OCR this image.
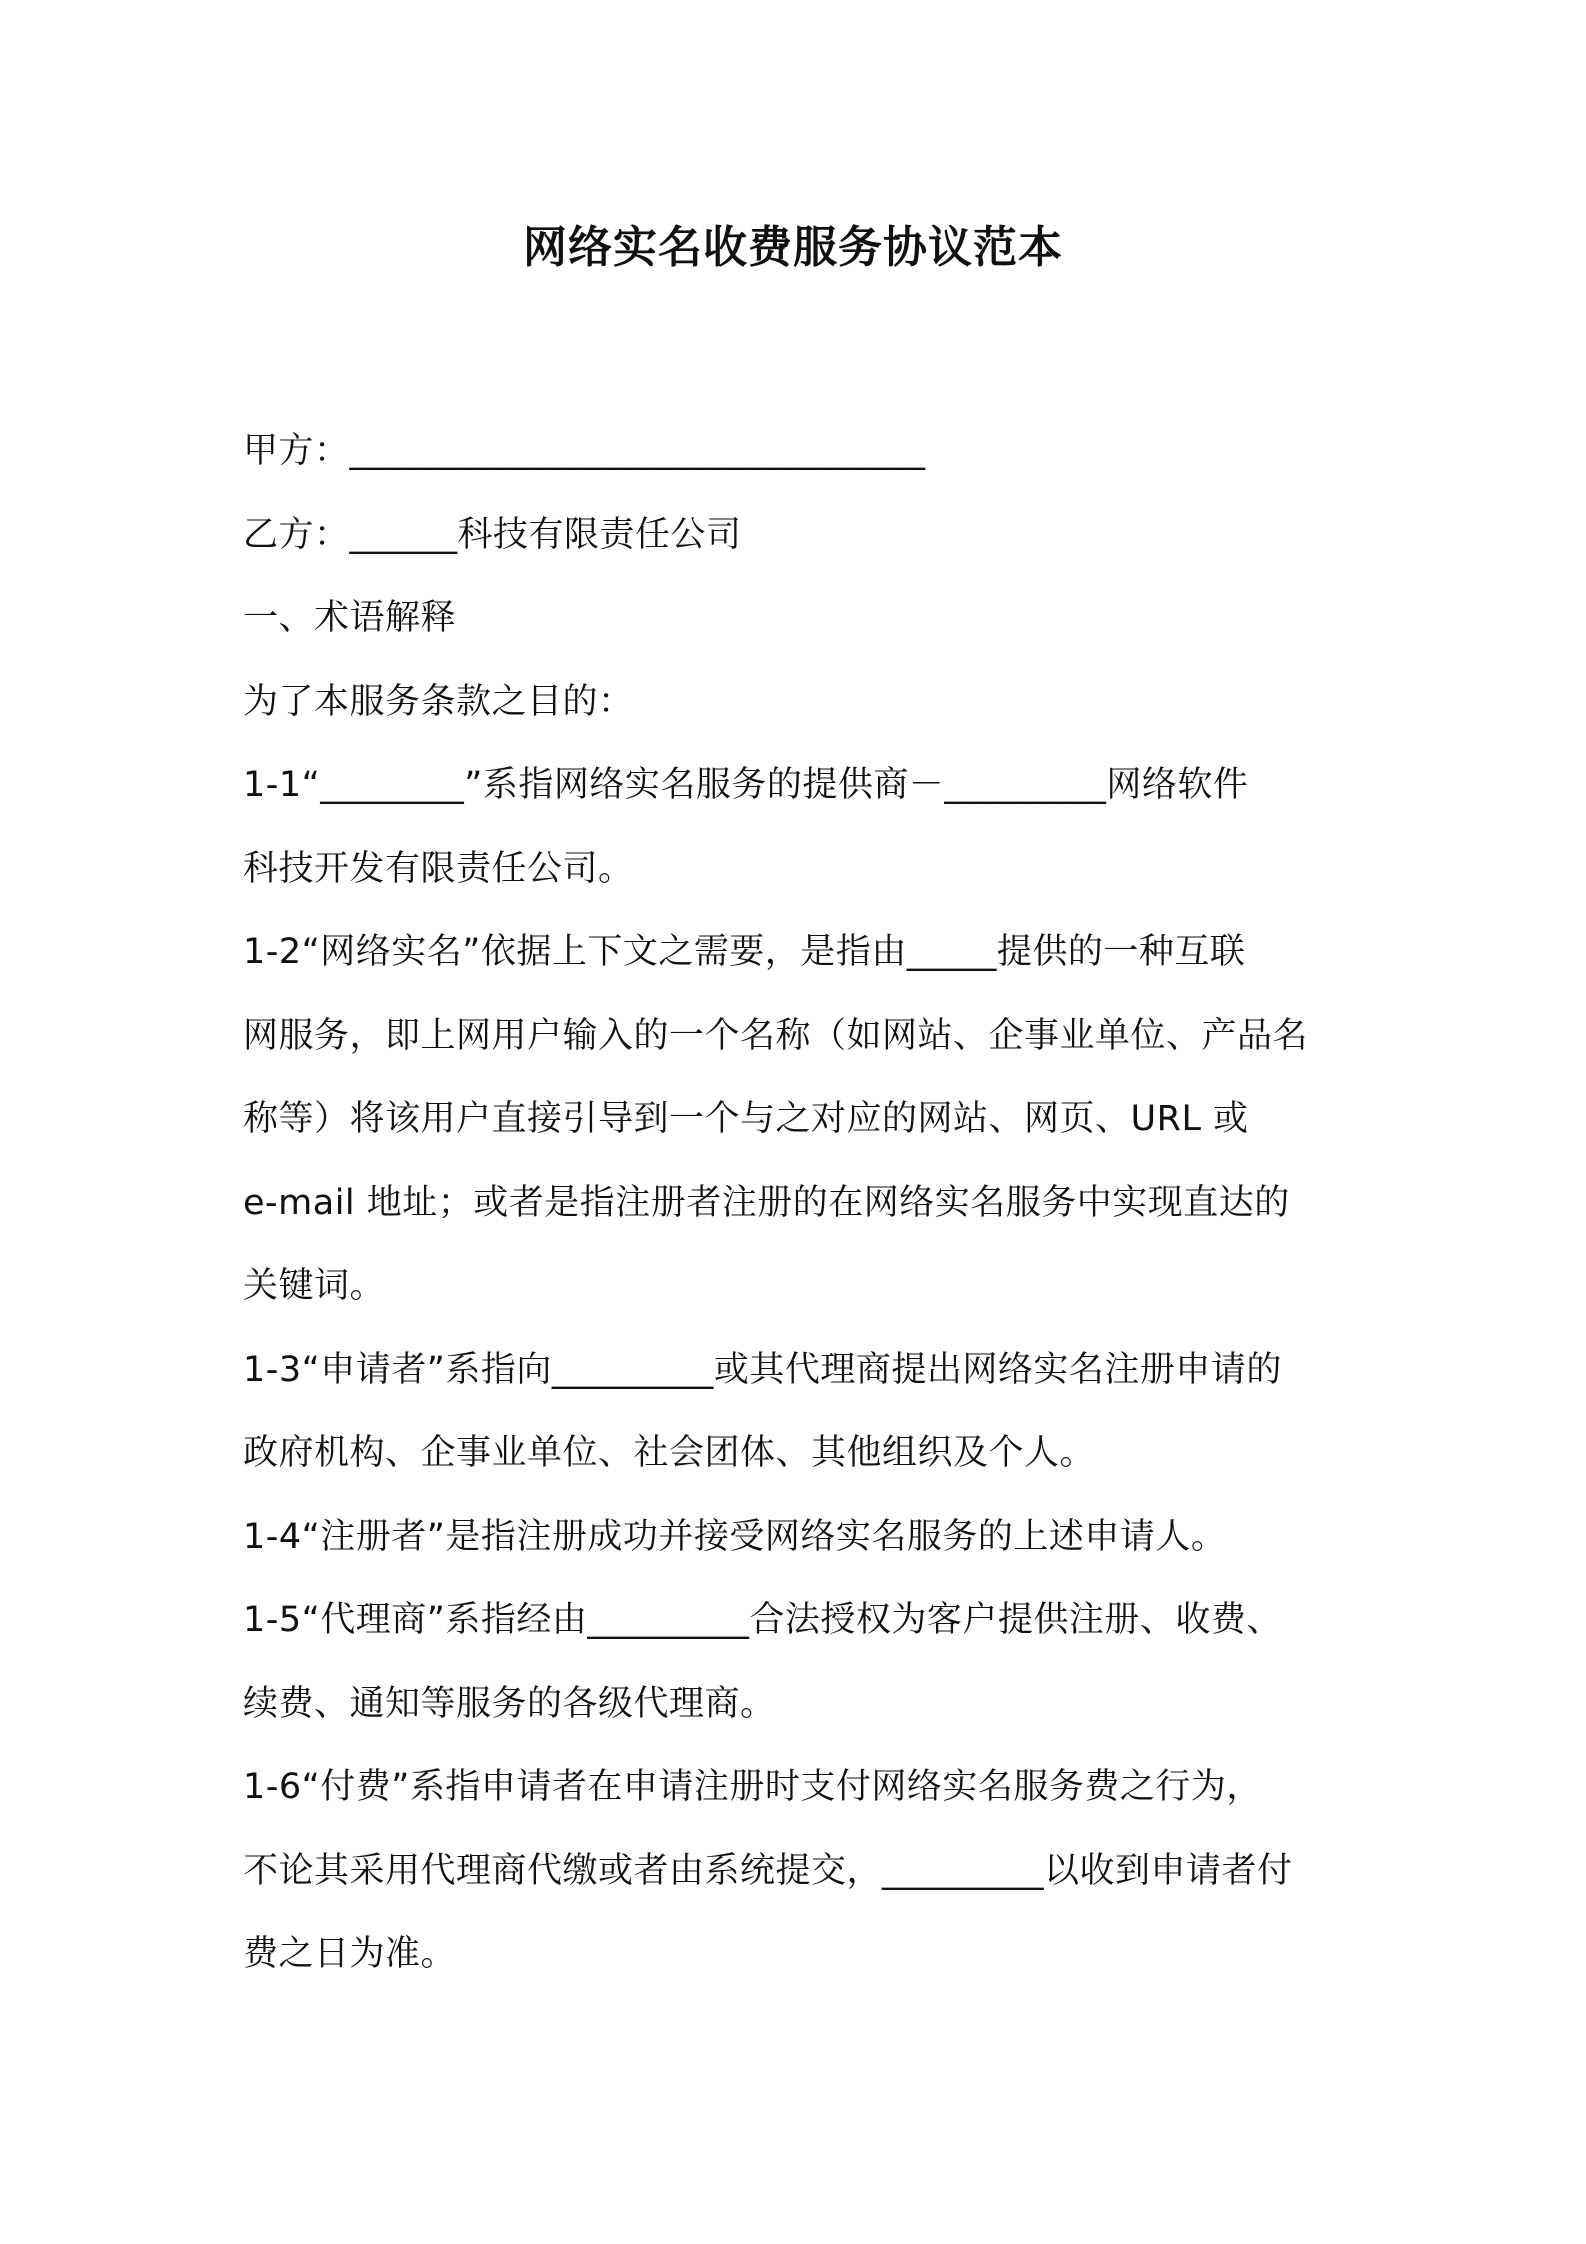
网络实名收费服务协议范本
甲方：________________________________
乙方：______科技有限责任公司
一、术语解释
为了本服务条款之目的：
1-1“________”系指网络实名服务的提供商－_________网络软件
科技开发有限责任公司。
1-2“网络实名”依据上下文之需要，是指由_____提供的一种互联
网服务，即上网用户输入的一个名称（如网站、企事业单位、产品名
称等）将该用户直接引导到一个与之对应的网站、网页、URL 或
e-mail 地址；或者是指注册者注册的在网络实名服务中实现直达的
关键词。
1-3“申请者”系指向_________或其代理商提出网络实名注册申请的
政府机构、企事业单位、社会团体、其他组织及个人。
1-4“注册者”是指注册成功并接受网络实名服务的上述申请人。
1-5“代理商”系指经由_________合法授权为客户提供注册、收费、
续费、通知等服务的各级代理商。
1-6“付费”系指申请者在申请注册时支付网络实名服务费之行为，
不论其采用代理商代缴或者由系统提交，_________以收到申请者付
费之日为准。
